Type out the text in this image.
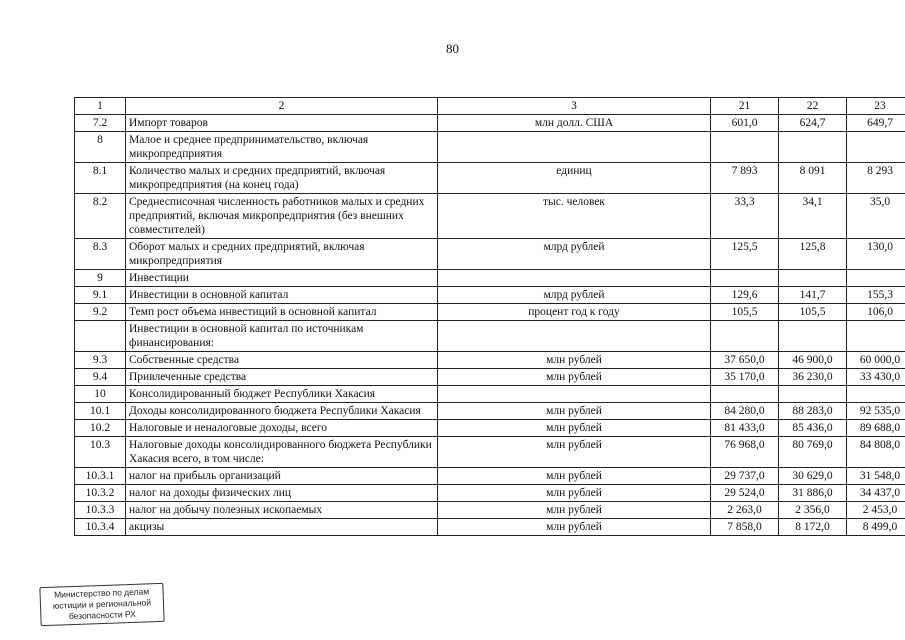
80
1	2	3	21	22	23
7.2	Импорт товаров	млн долл. США	601,0	624,7	649,7
8	Малое и среднее предпринимательство, включая микропредприятия				
8.1	Количество малых и средних предприятий, включая микропредприятия (на конец года)	единиц	7 893	8 091	8 293
8.2	Среднесписочная численность работников малых и средних предприятий, включая микропредприятия (без внешних совместителей)	тыс. человек	33,3	34,1	35,0
8.3	Оборот малых и средних предприятий, включая микропредприятия	млрд рублей	125,5	125,8	130,0
9	Инвестиции				
9.1	Инвестиции в основной капитал	млрд рублей	129,6	141,7	155,3
9.2	Темп рост объема инвестиций в основной капитал	процент год к году	105,5	105,5	106,0
	Инвестиции в основной капитал по источникам финансирования:				
9.3	Собственные средства	млн рублей	37 650,0	46 900,0	60 000,0
9.4	Привлеченные средства	млн рублей	35 170,0	36 230,0	33 430,0
10	Консолидированный бюджет Республики Хакасия				
10.1	Доходы консолидированного бюджета Республики Хакасия	млн рублей	84 280,0	88 283,0	92 535,0
10.2	Налоговые и неналоговые доходы, всего	млн рублей	81 433,0	85 436,0	89 688,0
10.3	Налоговые доходы консолидированного бюджета Республики Хакасия всего, в том числе:	млн рублей	76 968,0	80 769,0	84 808,0
10.3.1	налог на прибыль организаций	млн рублей	29 737,0	30 629,0	31 548,0
10.3.2	налог на доходы физических лиц	млн рублей	29 524,0	31 886,0	34 437,0
10.3.3	налог на добычу полезных ископаемых	млн рублей	2 263,0	2 356,0	2 453,0
10.3.4	акцизы	млн рублей	7 858,0	8 172,0	8 499,0
Министерство по делам
юстиции и региональной
безопасности РХ
